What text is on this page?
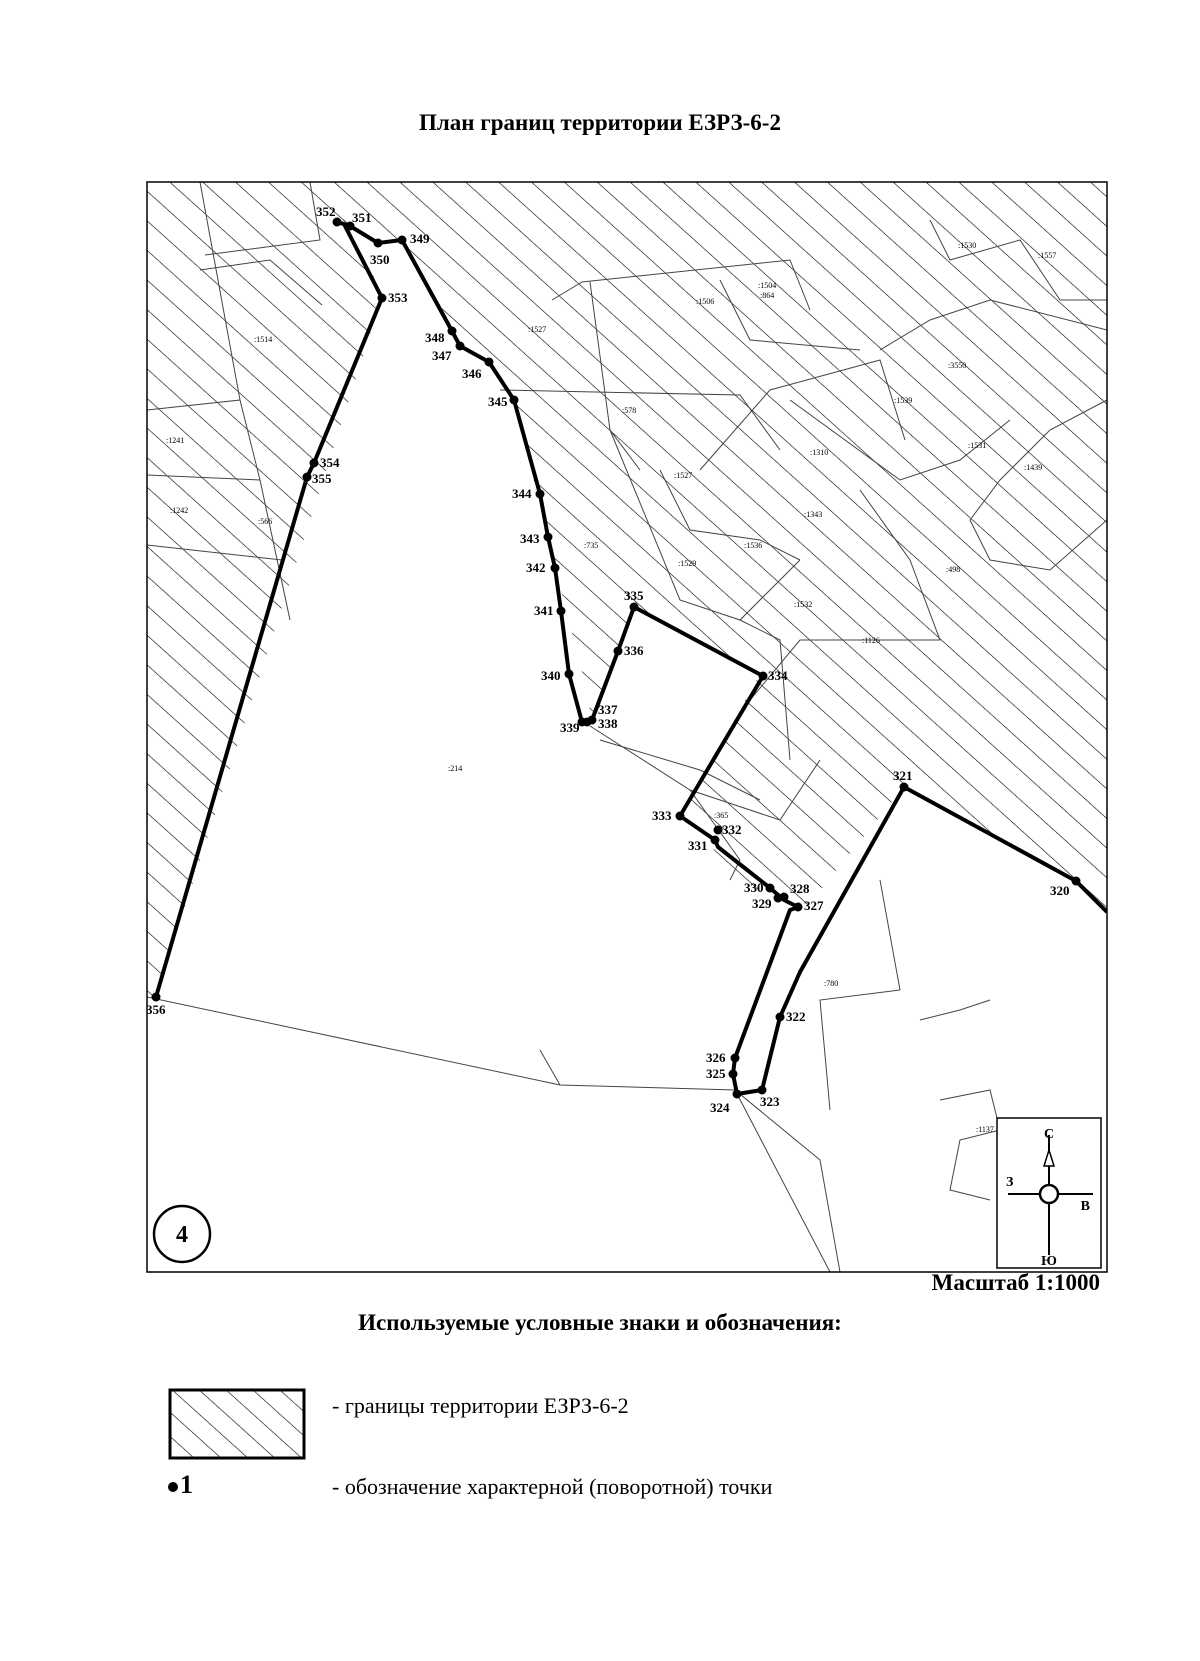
План границ территории ЕЗРЗ-6-2
352 351
350
349
353
348
347
346
345
354
355
344
343
342
341
335
336
334
340
337
338
339
333
332
331
321
330 328
329	327
320
356	322
326
325
324 323
:1514
:1241
:1242
:566
:1527
:1506
:1504
:864
:1530
:1557
:3550
:578
:1539
:1310
:1531
:1439
:1527
:735
:1343
:1536
:1529
:498
:1532
:1126
:214
:365
:780
:1137
4
С
Ю
З
В
Масштаб 1:1000
Используемые условные знаки и обозначения:
- границы территории ЕЗРЗ-6-2
1	- обозначение характерной (поворотной) точки
